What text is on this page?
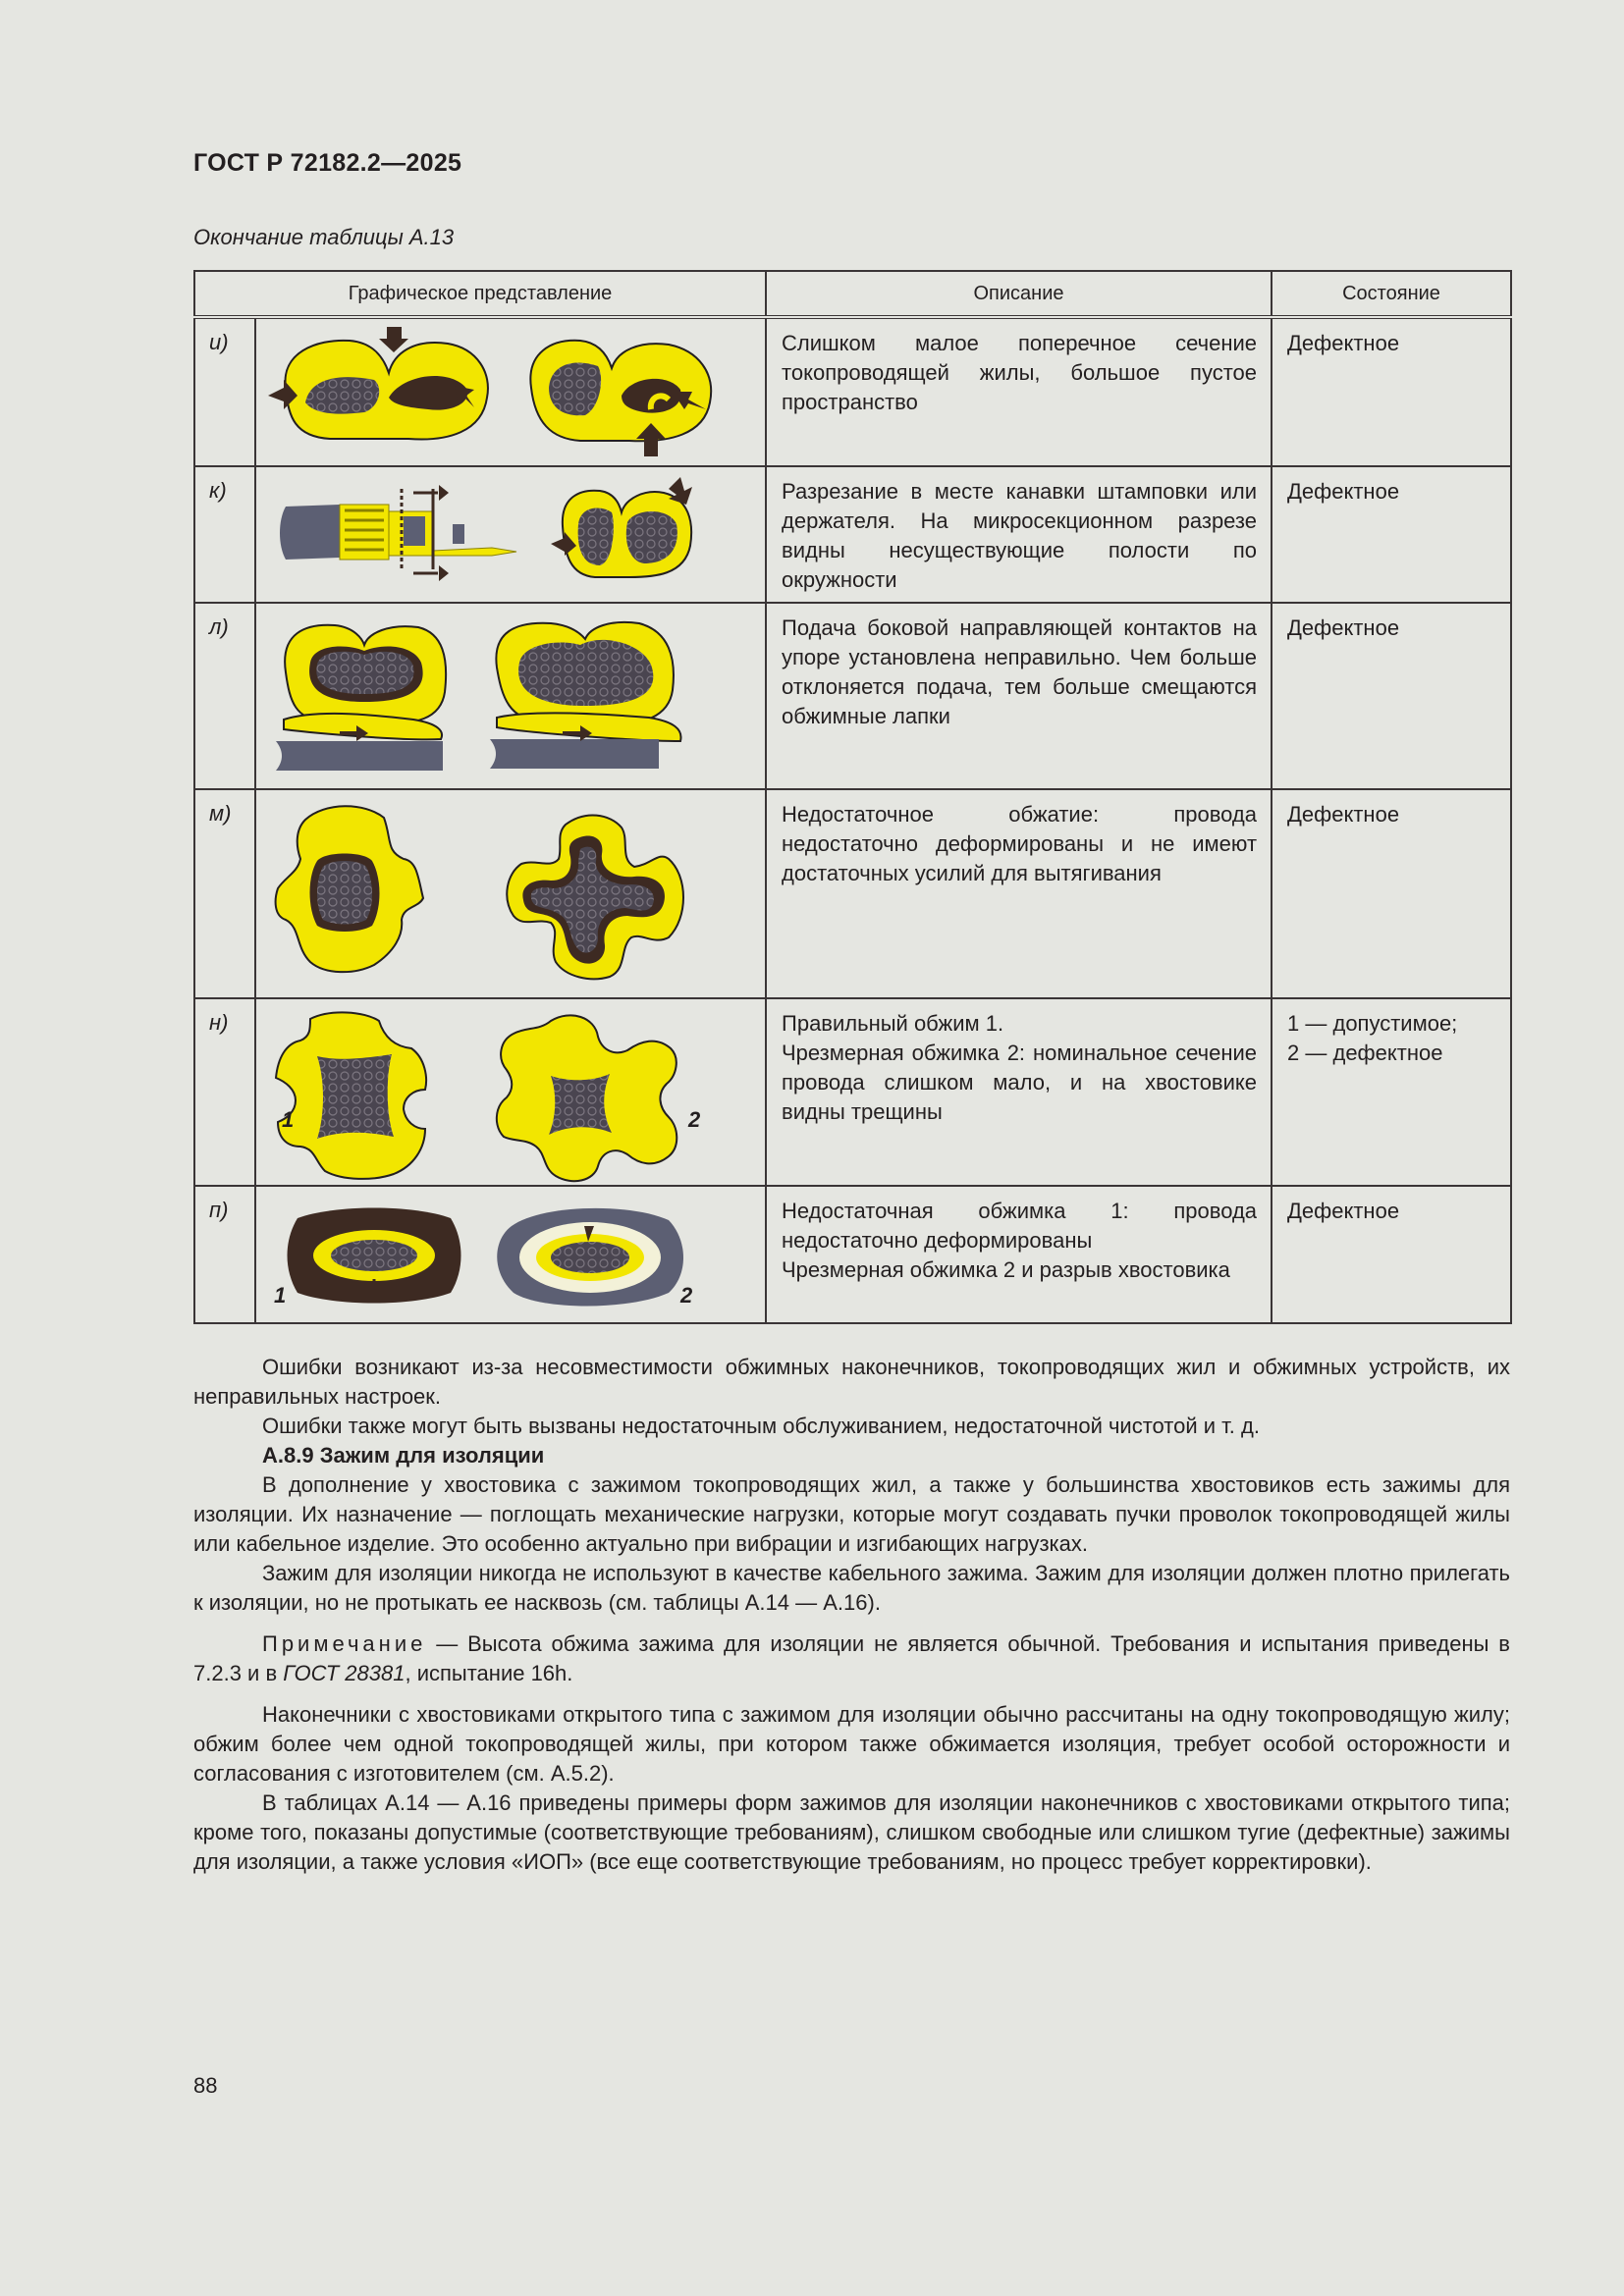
ГОСТ Р 72182.2—2025
Окончание таблицы А.13
Графическое представление		Описание	Состояние
и)		Слишком малое поперечное сечение токопроводящей жилы, большое пустое пространство	Дефектное
к)		Разрезание в месте канавки штамповки или держателя. На микросекционном разрезе видны несуществующие полости по окружности	Дефектное
л)		Подача боковой направляющей контактов на упоре установлена неправильно. Чем больше отклоняется подача, тем больше смещаются обжимные лапки	Дефектное
м)		Недостаточное обжатие: провода недостаточно деформированы и не имеют достаточных усилий для вытягивания	Дефектное
н)	1 2	Правильный обжим 1.
Чрезмерная обжимка 2: номинальное сечение провода слишком мало, и на хвостовике видны трещины	1 — допустимое;
2 — дефектное

п)	1 2	Недостаточная обжимка 1: провода недостаточно деформированы
Чрезмерная обжимка 2 и разрыв хвостовика	Дефектное

Ошибки возникают из-за несовместимости обжимных наконечников, токопроводящих жил и обжимных устройств, их неправильных настроек.

Ошибки также могут быть вызваны недостаточным обслуживанием, недостаточной чистотой и т. д.

А.8.9 Зажим для изоляции

В дополнение у хвостовика с зажимом токопроводящих жил, а также у большинства хвостовиков есть зажимы для изоляции. Их назначение — поглощать механические нагрузки, которые могут создавать пучки проволок токопроводящей жилы или кабельное изделие. Это особенно актуально при вибрации и изгибающих нагрузках.

Зажим для изоляции никогда не используют в качестве кабельного зажима. Зажим для изоляции должен плотно прилегать к изоляции, но не протыкать ее насквозь (см. таблицы А.14 — А.16).

Примечание — Высота обжима зажима для изоляции не является обычной. Требования и испытания приведены в 7.2.3 и в ГОСТ 28381, испытание 16h.

Наконечники с хвостовиками открытого типа с зажимом для изоляции обычно рассчитаны на одну токопроводящую жилу; обжим более чем одной токопроводящей жилы, при котором также обжимается изоляция, требует особой осторожности и согласования с изготовителем (см. А.5.2).

В таблицах А.14 — А.16 приведены примеры форм зажимов для изоляции наконечников с хвостовиками открытого типа; кроме того, показаны допустимые (соответствующие требованиям), слишком свободные или слишком тугие (дефектные) зажимы для изоляции, а также условия «ИОП» (все еще соответствующие требованиям, но процесс требует корректировки).

88
